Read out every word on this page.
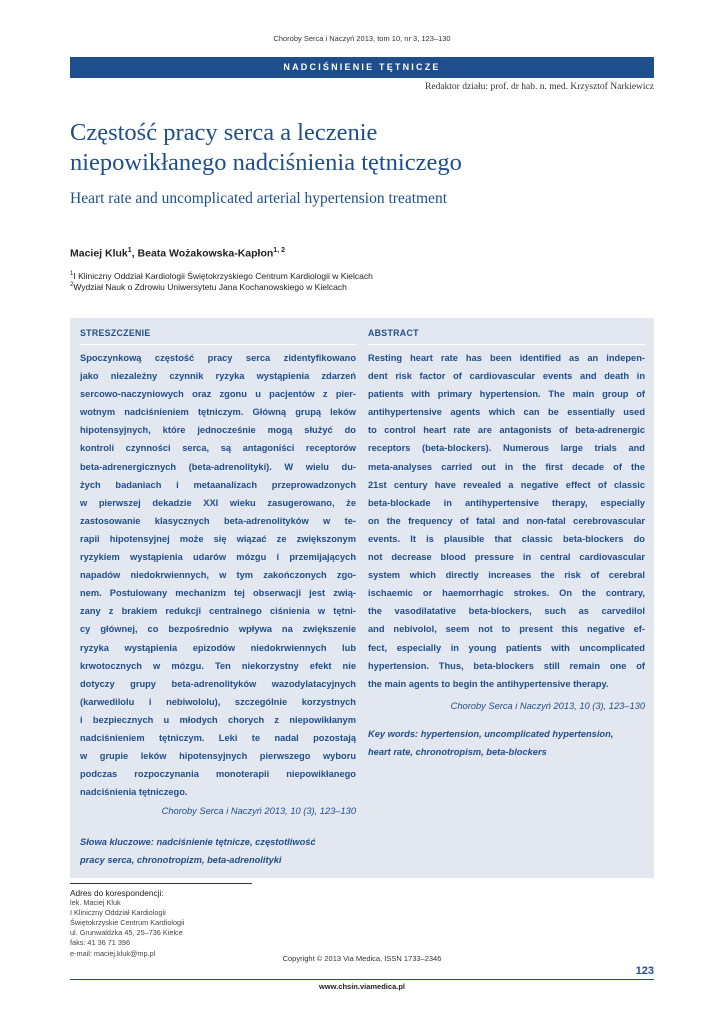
Choroby Serca i Naczyń 2013, tom 10, nr 3, 123–130
NADCIŚNIENIE TĘTNICZE
Redaktor działu: prof. dr hab. n. med. Krzysztof Narkiewicz
Częstość pracy serca a leczenie
niepowikłanego nadciśnienia tętniczego
Heart rate and uncomplicated arterial hypertension treatment
Maciej Kluk$^1$, Beata Wożakowska-Kapłon$^{1, 2}$
$^1$I Kliniczny Oddział Kardiologii Świętokrzyskiego Centrum Kardiologii w Kielcach
$^2$Wydział Nauk o Zdrowiu Uniwersytetu Jana Kochanowskiego w Kielcach
STRESZCZENIE
Spoczynkową częstość pracy serca zidentyfikowano
jako niezależny czynnik ryzyka wystąpienia zdarzeń
sercowo-naczyniowych oraz zgonu u pacjentów z pier-
wotnym nadciśnieniem tętniczym. Główną grupą leków
hipotensyjnych, które jednocześnie mogą służyć do
kontroli czynności serca, są antagoniści receptorów
beta-adrenergicznych (beta-adrenolityki). W wielu du-
żych badaniach i metaanalizach przeprowadzonych
w pierwszej dekadzie XXI wieku zasugerowano, że
zastosowanie klasycznych beta-adrenolityków w te-
rapii hipotensyjnej może się wiązać ze zwiększonym
ryzykiem wystąpienia udarów mózgu i przemijających
napadów niedokrwiennych, w tym zakończonych zgo-
nem. Postulowany mechanizm tej obserwacji jest zwią-
zany z brakiem redukcji centralnego ciśnienia w tętni-
cy głównej, co bezpośrednio wpływa na zwiększenie
ryzyka wystąpienia epizodów niedokrwiennych lub
krwotocznych w mózgu. Ten niekorzystny efekt nie
dotyczy grupy beta-adrenolityków wazodylatacyjnych
(karwedilolu i nebiwololu), szczególnie korzystnych
i bezpiecznych u młodych chorych z niepowikłanym
nadciśnieniem tętniczym. Leki te nadal pozostają
w grupie leków hipotensyjnych pierwszego wyboru
podczas rozpoczynania monoterapii niepowikłanego
nadciśnienia tętniczego.
Choroby Serca i Naczyń 2013, 10 (3), 123–130
Słowa kluczowe: nadciśnienie tętnicze, częstotliwość
pracy serca, chronotropizm, beta-adrenolityki
ABSTRACT
Resting heart rate has been identified as an indepen-
dent risk factor of cardiovascular events and death in
patients with primary hypertension. The main group of
antihypertensive agents which can be essentially used
to control heart rate are antagonists of beta-adrenergic
receptors (beta-blockers). Numerous large trials and
meta-analyses carried out in the first decade of the
21st century have revealed a negative effect of classic
beta-blockade in antihypertensive therapy, especially
on the frequency of fatal and non-fatal cerebrovascular
events. It is plausible that classic beta-blockers do
not decrease blood pressure in central cardiovascular
system which directly increases the risk of cerebral
ischaemic or haemorrhagic strokes. On the contrary,
the vasodilatative beta-blockers, such as carvedilol
and nebivolol, seem not to present this negative ef-
fect, especially in young patients with uncomplicated
hypertension. Thus, beta-blockers still remain one of
the main agents to begin the antihypertensive therapy.
Choroby Serca i Naczyń 2013, 10 (3), 123–130
Key words: hypertension, uncomplicated hypertension,
heart rate, chronotropism, beta-blockers
Adres do korespondencji:
lek. Maciej Kluk
I Kliniczny Oddział Kardiologii
Świętokrzyskie Centrum Kardiologii
ul. Grunwaldzka 45, 25–736 Kielce
faks: 41 36 71 396
e-mail: maciej.kluk@mp.pl
Copyright © 2013 Via Medica, ISSN 1733–2346
123
www.chsin.viamedica.pl
